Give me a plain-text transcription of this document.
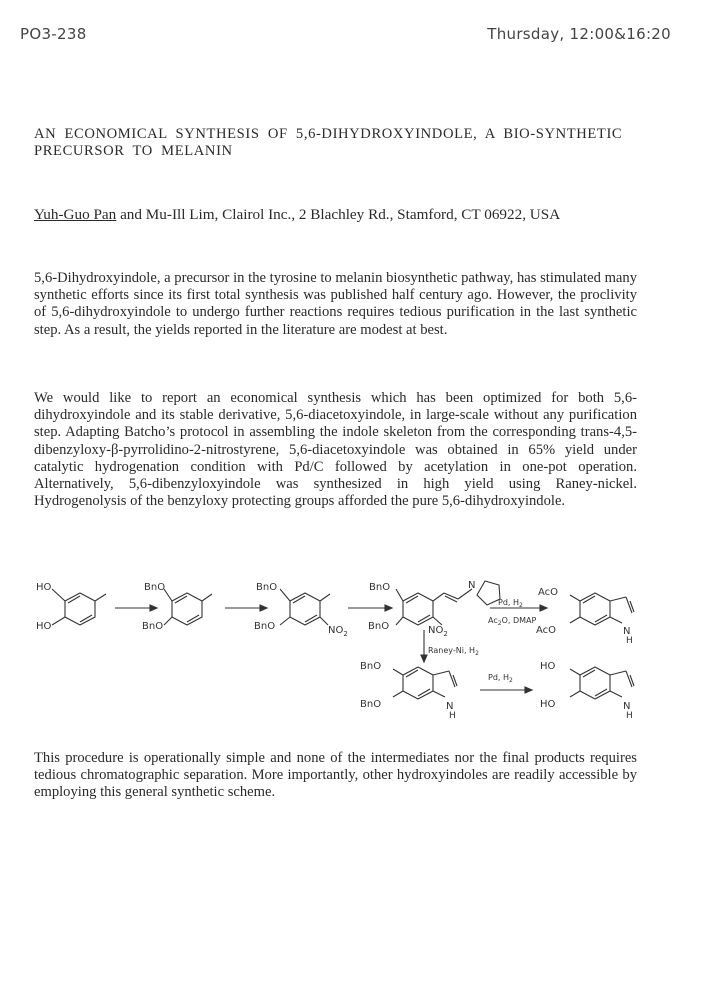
PO3-238	Thursday, 12:00&16:20
AN ECONOMICAL SYNTHESIS OF 5,6-DIHYDROXYINDOLE, A BIO-SYNTHETIC PRECURSOR TO MELANIN
Yuh-Guo Pan and Mu-Ill Lim, Clairol Inc., 2 Blachley Rd., Stamford, CT 06922, USA
5,6-Dihydroxyindole, a precursor in the tyrosine to melanin biosynthetic pathway, has stimulated many synthetic efforts since its first total synthesis was published half century ago. However, the proclivity of 5,6-dihydroxyindole to undergo further reactions requires tedious purification in the last synthetic step. As a result, the yields reported in the literature are modest at best.
We would like to report an economical synthesis which has been optimized for both 5,6-dihydroxyindole and its stable derivative, 5,6-diacetoxyindole, in large-scale without any purification step. Adapting Batcho’s protocol in assembling the indole skeleton from the corresponding trans-4,5-dibenzyloxy-β-pyrrolidino-2-nitrostyrene, 5,6-diacetoxyindole was obtained in 65% yield under catalytic hydrogenation condition with Pd/C followed by acetylation in one-pot operation. Alternatively, 5,6-dibenzyloxyindole was synthesized in high yield using Raney-nickel. Hydrogenolysis of the benzyloxy protecting groups afforded the pure 5,6-dihydroxyindole.
HO
HO
BnO
BnO
BnO
BnO	$NO_2$
BnO
BnO	$NO_2$
N
Pd, $H_2$
$Ac_2O$, DMAP
AcO
AcO	N
H
Raney-Ni, $H_2$
BnO
BnO	N
H
Pd, $H_2$
HO
HO	N
H
This procedure is operationally simple and none of the intermediates nor the final products requires tedious chromatographic separation. More importantly, other hydroxyindoles are readily accessible by employing this general synthetic scheme.
